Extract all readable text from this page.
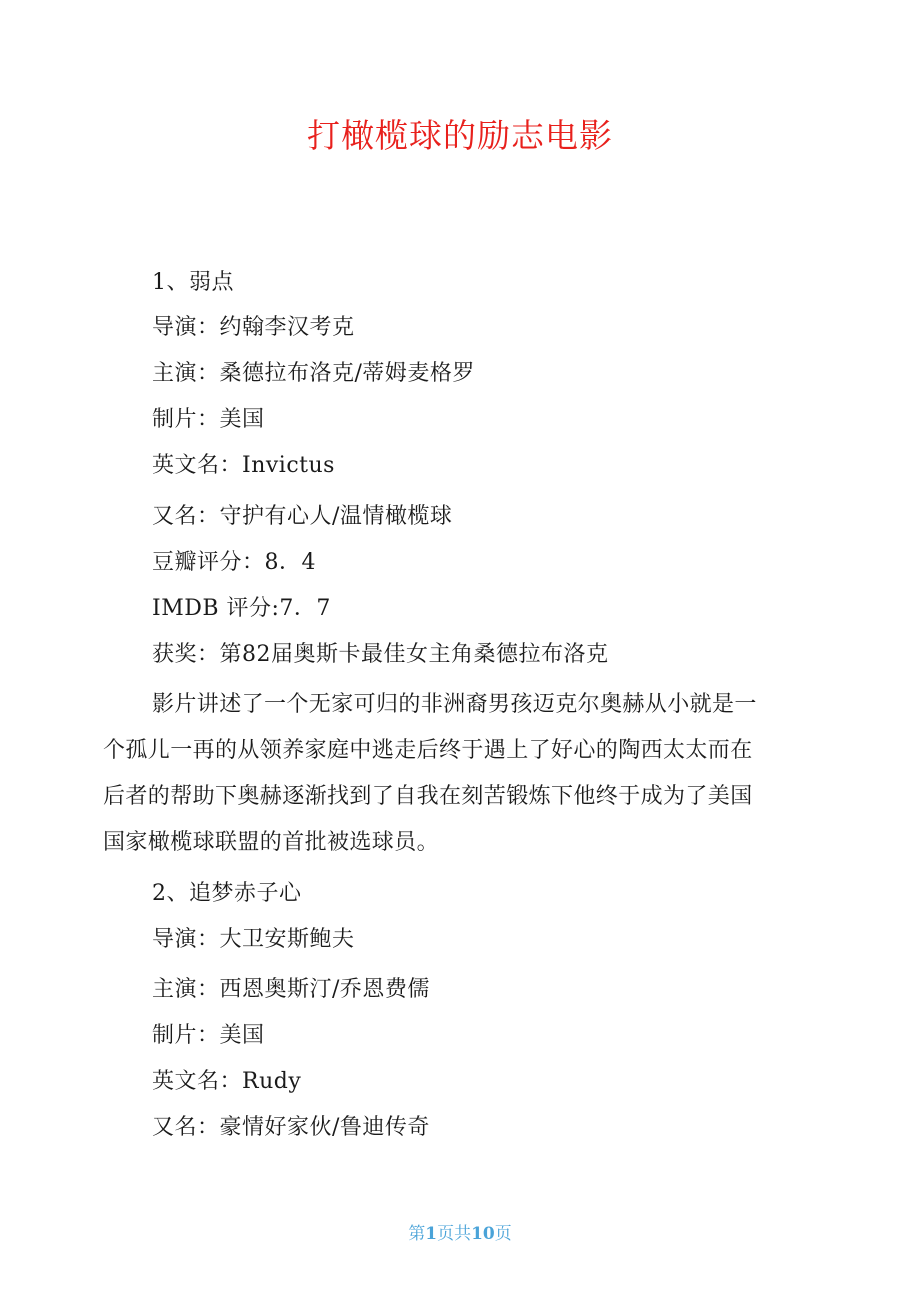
打橄榄球的励志电影
1、弱点
导演：约翰李汉考克
主演：桑德拉布洛克/蒂姆麦格罗
制片：美国
英文名：Invictus
又名：守护有心人/温情橄榄球
豆瓣评分：8．4
IMDB 评分:7．7
获奖：第82届奥斯卡最佳女主角桑德拉布洛克
影片讲述了一个无家可归的非洲裔男孩迈克尔奥赫从小就是一个孤儿一再的从领养家庭中逃走后终于遇上了好心的陶西太太而在后者的帮助下奥赫逐渐找到了自我在刻苦锻炼下他终于成为了美国国家橄榄球联盟的首批被选球员。
2、追梦赤子心
导演：大卫安斯鲍夫
主演：西恩奥斯汀/乔恩费儒
制片：美国
英文名：Rudy
又名：豪情好家伙/鲁迪传奇
第1页共10页
